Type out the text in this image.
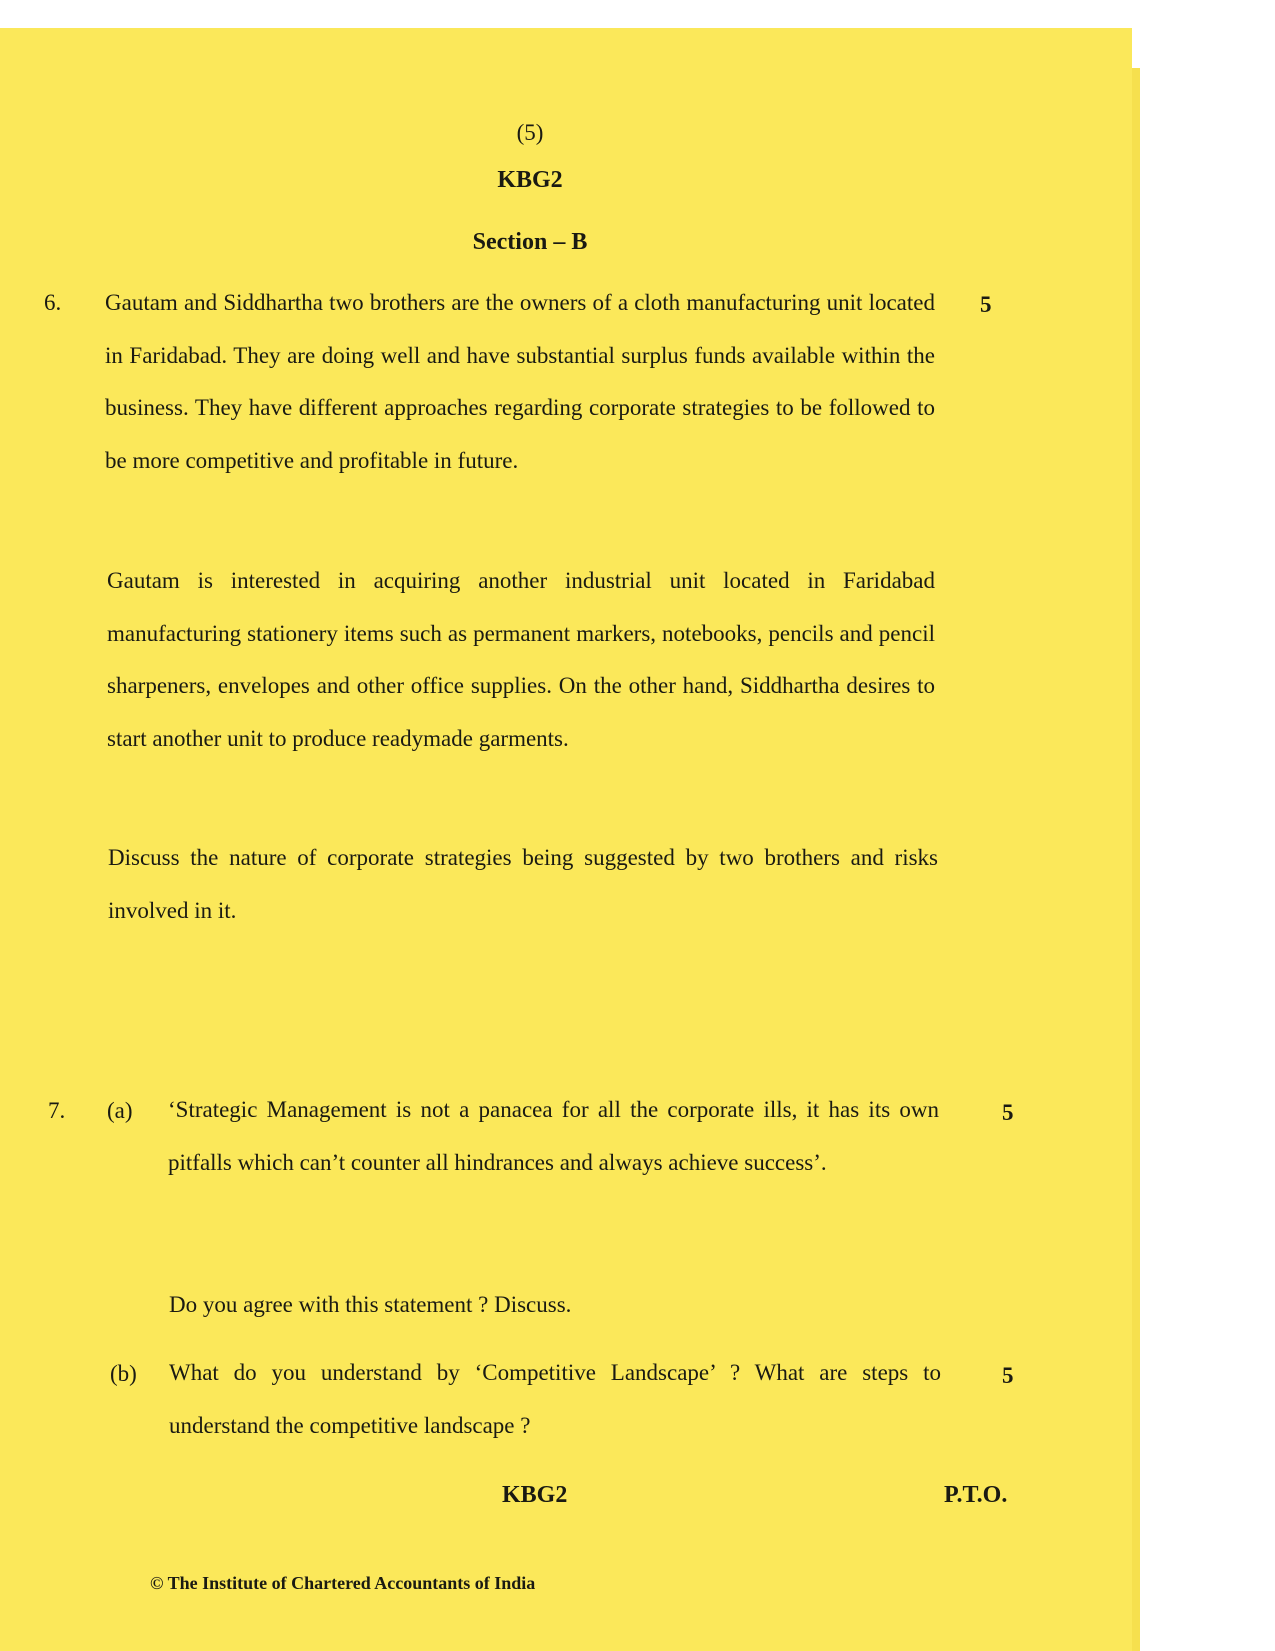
(5)
KBG2
Section – B
6.	5
Gautam and Siddhartha two brothers are the owners of a cloth manufacturing unit located in Faridabad. They are doing well and have substantial surplus funds available within the business. They have different approaches regarding corporate strategies to be followed to be more competitive and profitable in future.
Gautam is interested in acquiring another industrial unit located in Faridabad manufacturing stationery items such as permanent markers, notebooks, pencils and pencil sharpeners, envelopes and other office supplies. On the other hand, Siddhartha desires to start another unit to produce readymade garments.
Discuss the nature of corporate strategies being suggested by two brothers and risks involved in it.
7. (a)	5
‘Strategic Management is not a panacea for all the corporate ills, it has its own pitfalls which can’t counter all hindrances and always achieve success’.
Do you agree with this statement ? Discuss.
(b)	5
What do you understand by ‘Competitive Landscape’ ? What are steps to understand the competitive landscape ?
KBG2	P.T.O.
© The Institute of Chartered Accountants of India
